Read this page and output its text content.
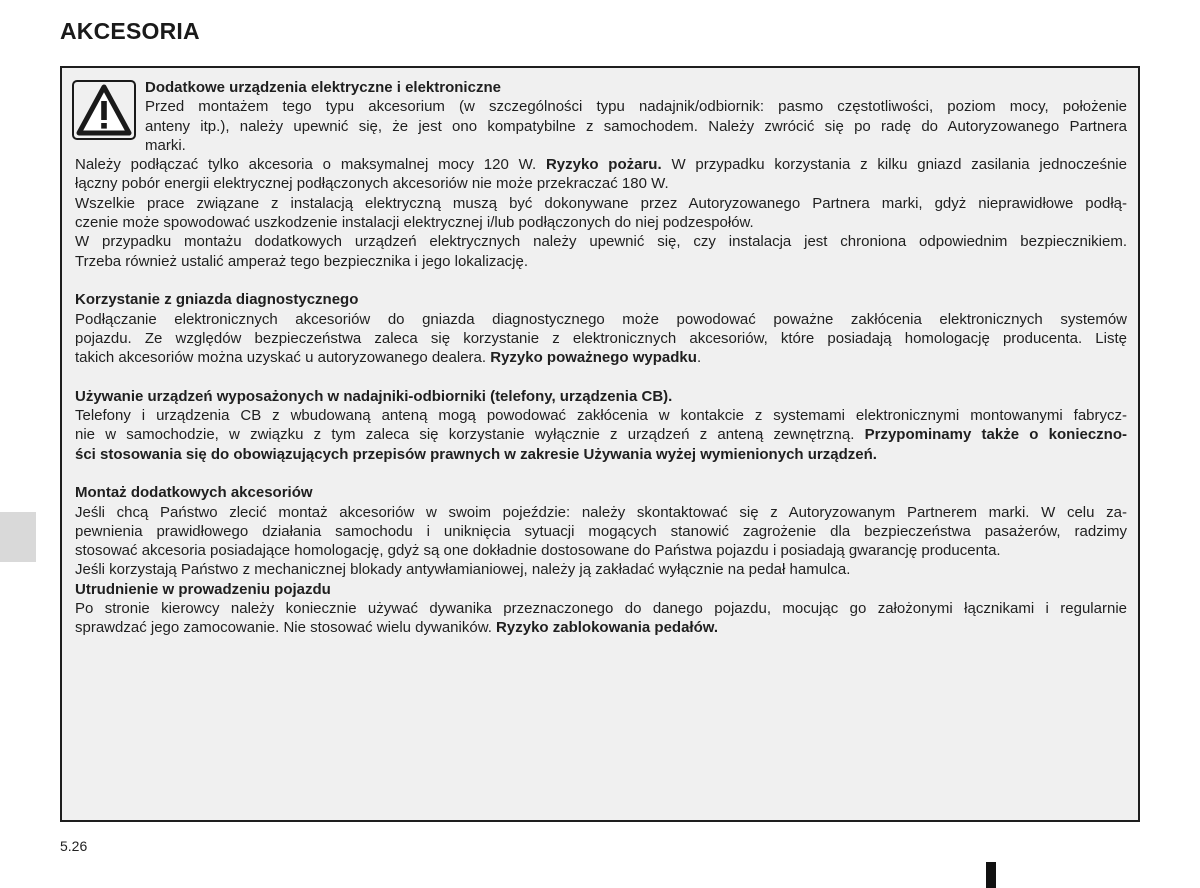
AKCESORIA
Dodatkowe urządzenia elektryczne i elektroniczne
Przed montażem tego typu akcesorium (w szczególności typu nadajnik/odbiornik: pasmo częstotliwości, poziom mocy, położenie
anteny itp.), należy upewnić się, że jest ono kompatybilne z samochodem. Należy zwrócić się po radę do Autoryzowanego Partnera
marki.
Należy podłączać tylko akcesoria o maksymalnej mocy 120 W. Ryzyko pożaru. W przypadku korzystania z kilku gniazd zasilania jednocześnie
łączny pobór energii elektrycznej podłączonych akcesoriów nie może przekraczać 180 W.
Wszelkie prace związane z instalacją elektryczną muszą być dokonywane przez Autoryzowanego Partnera marki, gdyż nieprawidłowe podłą-
czenie może spowodować uszkodzenie instalacji elektrycznej i/lub podłączonych do niej podzespołów.
W przypadku montażu dodatkowych urządzeń elektrycznych należy upewnić się, czy instalacja jest chroniona odpowiednim bezpiecznikiem.
Trzeba również ustalić amperaż tego bezpiecznika i jego lokalizację.
Korzystanie z gniazda diagnostycznego
Podłączanie elektronicznych akcesoriów do gniazda diagnostycznego może powodować poważne zakłócenia elektronicznych systemów
pojazdu. Ze względów bezpieczeństwa zaleca się korzystanie z elektronicznych akcesoriów, które posiadają homologację producenta. Listę
takich akcesoriów można uzyskać u autoryzowanego dealera. Ryzyko poważnego wypadku.
Używanie urządzeń wyposażonych w nadajniki-odbiorniki (telefony, urządzenia CB).
Telefony i urządzenia CB z wbudowaną anteną mogą powodować zakłócenia w kontakcie z systemami elektronicznymi montowanymi fabrycz-
nie w samochodzie, w związku z tym zaleca się korzystanie wyłącznie z urządzeń z anteną zewnętrzną. Przypominamy także o konieczno-
ści stosowania się do obowiązujących przepisów prawnych w zakresie Używania wyżej wymienionych urządzeń.
Montaż dodatkowych akcesoriów
Jeśli chcą Państwo zlecić montaż akcesoriów w swoim pojeździe: należy skontaktować się z Autoryzowanym Partnerem marki. W celu za-
pewnienia prawidłowego działania samochodu i uniknięcia sytuacji mogących stanowić zagrożenie dla bezpieczeństwa pasażerów, radzimy
stosować akcesoria posiadające homologację, gdyż są one dokładnie dostosowane do Państwa pojazdu i posiadają gwarancję producenta.
Jeśli korzystają Państwo z mechanicznej blokady antywłamianiowej, należy ją zakładać wyłącznie na pedał hamulca.
Utrudnienie w prowadzeniu pojazdu
Po stronie kierowcy należy koniecznie używać dywanika przeznaczonego do danego pojazdu, mocując go założonymi łącznikami i regularnie
sprawdzać jego zamocowanie. Nie stosować wielu dywaników. Ryzyko zablokowania pedałów.
5.26
